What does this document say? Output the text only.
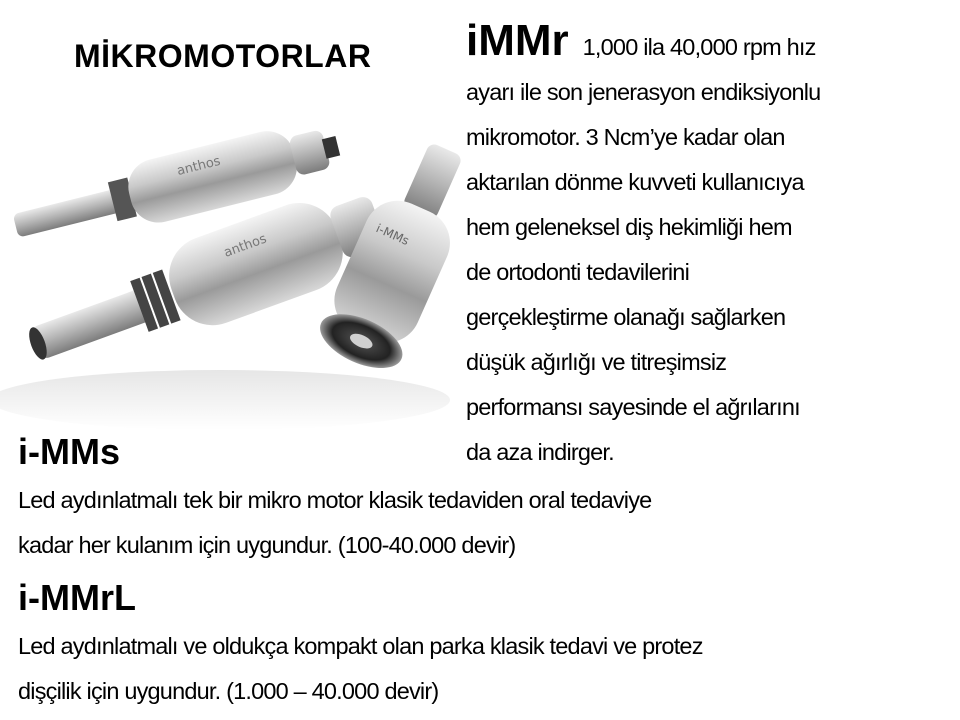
MİKROMOTORLAR
anthos
anthos	i-MMs
iMMr 1,000 ila 40,000 rpm hız
ayarı ile son jenerasyon endiksiyonlu
mikromotor. 3 Ncm’ye kadar olan
aktarılan dönme kuvveti kullanıcıya
hem geleneksel diş hekimliği hem
de ortodonti tedavilerini
gerçekleştirme olanağı sağlarken
düşük ağırlığı ve titreşimsiz
performansı sayesinde el ağrılarını
da aza indirger.
i-MMs
Led aydınlatmalı tek bir mikro motor klasik tedaviden oral tedaviye
kadar her kulanım için uygundur. (100-40.000 devir)
i-MMrL
Led aydınlatmalı ve oldukça kompakt olan parka klasik tedavi ve protez
dişçilik için uygundur. (1.000 – 40.000 devir)
